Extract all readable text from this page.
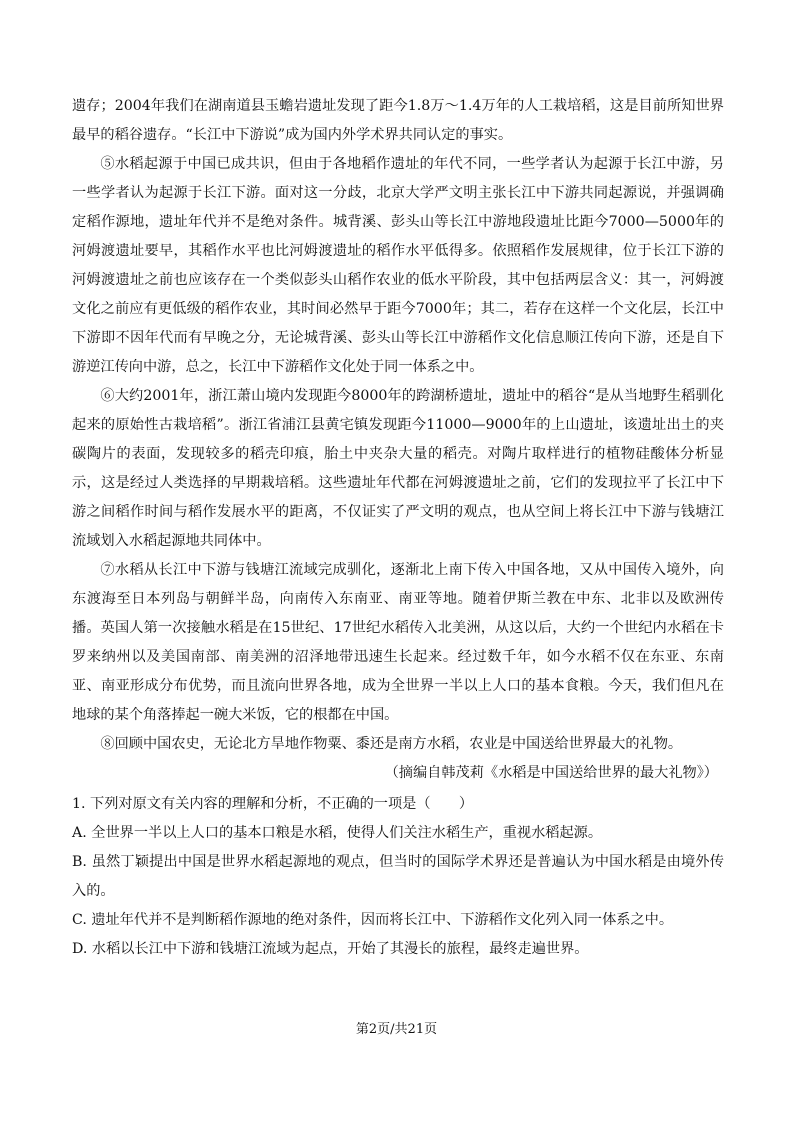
遗存；2004年我们在湖南道县玉蟾岩遗址发现了距今1.8万～1.4万年的人工栽培稻，这是目前所知世界最早的稻谷遗存。“长江中下游说”成为国内外学术界共同认定的事实。

⑤水稻起源于中国已成共识，但由于各地稻作遗址的年代不同，一些学者认为起源于长江中游，另一些学者认为起源于长江下游。面对这一分歧，北京大学严文明主张长江中下游共同起源说，并强调确定稻作源地，遗址年代并不是绝对条件。城背溪、彭头山等长江中游地段遗址比距今7000—5000年的河姆渡遗址要早，其稻作水平也比河姆渡遗址的稻作水平低得多。依照稻作发展规律，位于长江下游的河姆渡遗址之前也应该存在一个类似彭头山稻作农业的低水平阶段，其中包括两层含义：其一，河姆渡文化之前应有更低级的稻作农业，其时间必然早于距今7000年；其二，若存在这样一个文化层，长江中下游即不因年代而有早晚之分，无论城背溪、彭头山等长江中游稻作文化信息顺江传向下游，还是自下游逆江传向中游，总之，长江中下游稻作文化处于同一体系之中。

⑥大约2001年，浙江萧山境内发现距今8000年的跨湖桥遗址，遗址中的稻谷“是从当地野生稻驯化起来的原始性古栽培稻”。浙江省浦江县黄宅镇发现距今11000—9000年的上山遗址，该遗址出土的夹碳陶片的表面，发现较多的稻壳印痕，胎土中夹杂大量的稻壳。对陶片取样进行的植物硅酸体分析显示，这是经过人类选择的早期栽培稻。这些遗址年代都在河姆渡遗址之前，它们的发现拉平了长江中下游之间稻作时间与稻作发展水平的距离，不仅证实了严文明的观点，也从空间上将长江中下游与钱塘江流域划入水稻起源地共同体中。

⑦水稻从长江中下游与钱塘江流域完成驯化，逐渐北上南下传入中国各地，又从中国传入境外，向东渡海至日本列岛与朝鲜半岛，向南传入东南亚、南亚等地。随着伊斯兰教在中东、北非以及欧洲传播。英国人第一次接触水稻是在15世纪、17世纪水稻传入北美洲，从这以后，大约一个世纪内水稻在卡罗来纳州以及美国南部、南美洲的沼泽地带迅速生长起来。经过数千年，如今水稻不仅在东亚、东南亚、南亚形成分布优势，而且流向世界各地，成为全世界一半以上人口的基本食粮。今天，我们但凡在地球的某个角落捧起一碗大米饭，它的根都在中国。

⑧回顾中国农史，无论北方旱地作物粟、黍还是南方水稻，农业是中国送给世界最大的礼物。

（摘编自韩茂莉《水稻是中国送给世界的最大礼物》）

1. 下列对原文有关内容的理解和分析，不正确的一项是（　　）

A. 全世界一半以上人口的基本口粮是水稻，使得人们关注水稻生产，重视水稻起源。

B. 虽然丁颖提出中国是世界水稻起源地的观点，但当时的国际学术界还是普遍认为中国水稻是由境外传入的。

C. 遗址年代并不是判断稻作源地的绝对条件，因而将长江中、下游稻作文化列入同一体系之中。

D. 水稻以长江中下游和钱塘江流域为起点，开始了其漫长的旅程，最终走遍世界。

第2页/共21页
